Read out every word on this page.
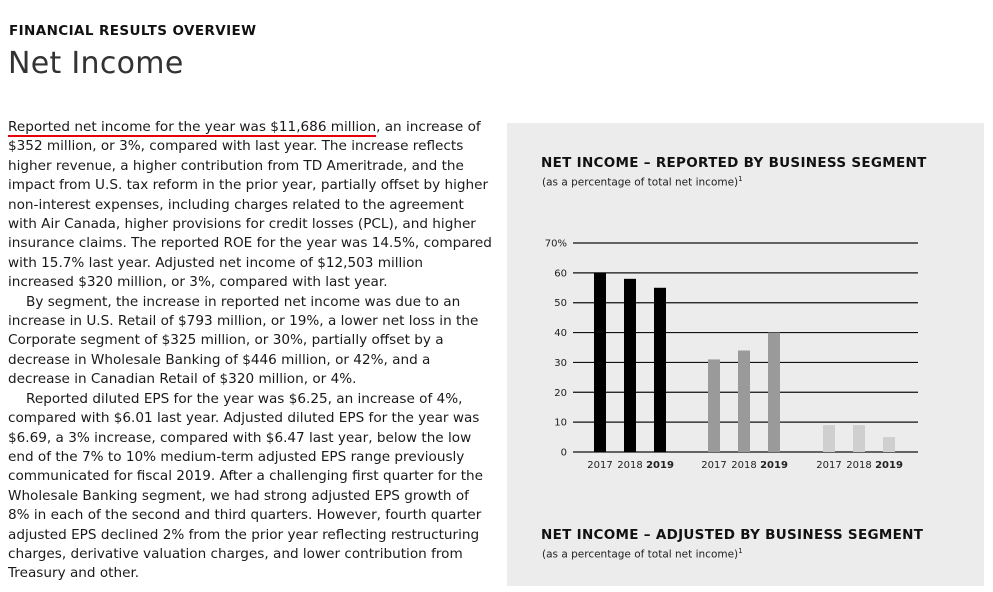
FINANCIAL RESULTS OVERVIEW
Net Income

Reported net income for the year was $11,686 million, an increase of $352 million, or 3%, compared with last year. The increase reflects higher revenue, a higher contribution from TD Ameritrade, and the impact from U.S. tax reform in the prior year, partially offset by higher non-interest expenses, including charges related to the agreement with Air Canada, higher provisions for credit losses (PCL), and higher insurance claims. The reported ROE for the year was 14.5%, compared with 15.7% last year. Adjusted net income of $12,503 million increased $320 million, or 3%, compared with last year.

By segment, the increase in reported net income was due to an increase in U.S. Retail of $793 million, or 19%, a lower net loss in the Corporate segment of $325 million, or 30%, partially offset by a decrease in Wholesale Banking of $446 million, or 42%, and a decrease in Canadian Retail of $320 million, or 4%.

Reported diluted EPS for the year was $6.25, an increase of 4%, compared with $6.01 last year. Adjusted diluted EPS for the year was $6.69, a 3% increase, compared with $6.47 last year, below the low end of the 7% to 10% medium-term adjusted EPS range previously communicated for fiscal 2019. After a challenging first quarter for the Wholesale Banking segment, we had strong adjusted EPS growth of 8% in each of the second and third quarters. However, fourth quarter adjusted EPS declined 2% from the prior year reflecting restructuring charges, derivative valuation charges, and lower contribution from Treasury and other.

NET INCOME – REPORTED BY BUSINESS SEGMENT
(as a percentage of total net income)$^1$
70%
60
50
40
30
20
10
0
2017 2018 2019	2017 2018 2019	2017 2018 2019
NET INCOME – ADJUSTED BY BUSINESS SEGMENT
(as a percentage of total net income)$^1$
